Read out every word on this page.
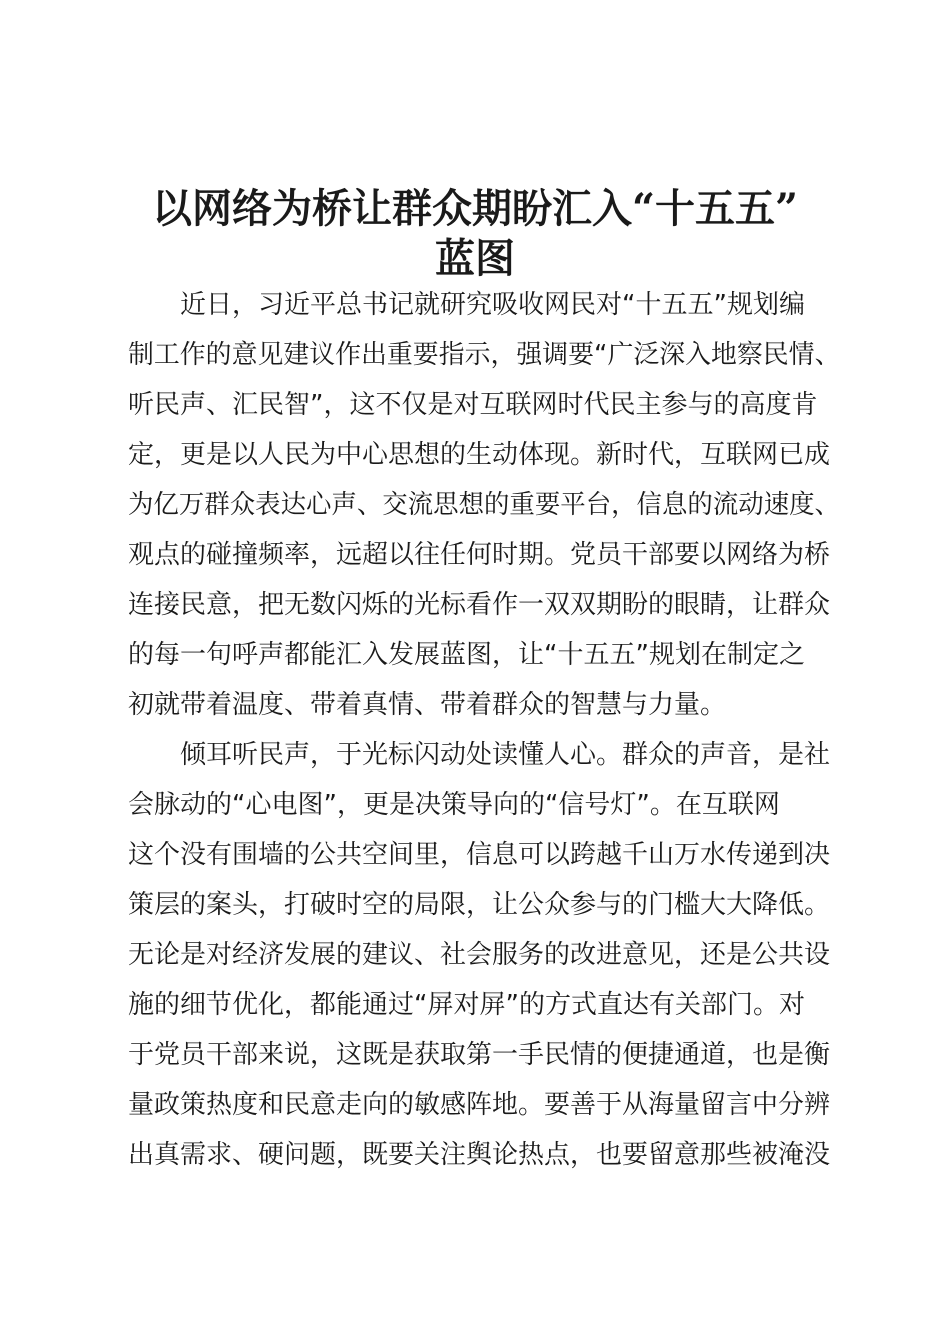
以网络为桥让群众期盼汇入“十五五”
蓝图
　　近日，习近平总书记就研究吸收网民对“十五五”规划编
制工作的意见建议作出重要指示，强调要“广泛深入地察民情、
听民声、汇民智”，这不仅是对互联网时代民主参与的高度肯
定，更是以人民为中心思想的生动体现。新时代，互联网已成
为亿万群众表达心声、交流思想的重要平台，信息的流动速度、
观点的碰撞频率，远超以往任何时期。党员干部要以网络为桥
连接民意，把无数闪烁的光标看作一双双期盼的眼睛，让群众
的每一句呼声都能汇入发展蓝图，让“十五五”规划在制定之
初就带着温度、带着真情、带着群众的智慧与力量。
　　倾耳听民声，于光标闪动处读懂人心。群众的声音，是社
会脉动的“心电图”，更是决策导向的“信号灯”。在互联网
这个没有围墙的公共空间里，信息可以跨越千山万水传递到决
策层的案头，打破时空的局限，让公众参与的门槛大大降低。
无论是对经济发展的建议、社会服务的改进意见，还是公共设
施的细节优化，都能通过“屏对屏”的方式直达有关部门。对
于党员干部来说，这既是获取第一手民情的便捷通道，也是衡
量政策热度和民意走向的敏感阵地。要善于从海量留言中分辨
出真需求、硬问题，既要关注舆论热点，也要留意那些被淹没
